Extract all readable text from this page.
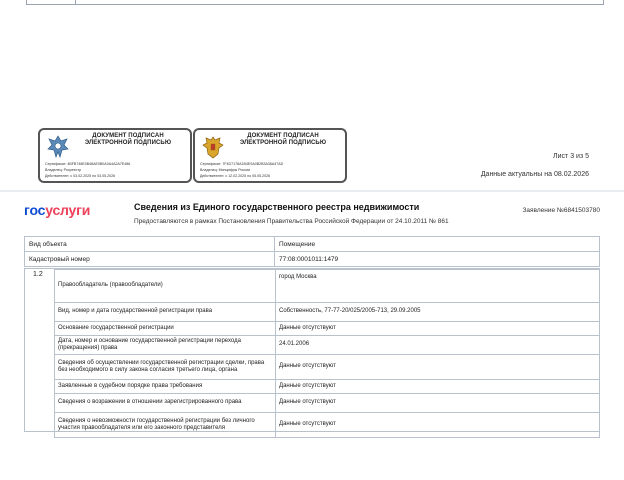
ДОКУМЕНТ ПОДПИСАН ЭЛЕКТРОННОЙ ПОДПИСЬЮ
Сертификат: 4BFB748E0B48AE0B0A0A4A2A7E486
Владелец: Росреестр
Действителен: с 03.02.2025 по 03.05.2026
ДОКУМЕНТ ПОДПИСАН ЭЛЕКТРОННОЙ ПОДПИСЬЮ
Сертификат: 7F4D7178A1B4E9A0B2B3A36A47AD
Владелец: Минцифры России
Действителен: с 12.02.2025 по 05.05.2026
Лист 3 из 5
Данные актуальны на 08.02.2026
госуслуги	Сведения из Единого государственного реестра недвижимости
Предоставляются в рамках Постановления Правительства Российской Федерации от 24.10.2011 № 861
Заявление №6841503780
Вид объекта	Помещение
Кадастровый номер	77:08:0001011:1479
1.2
Правообладатель (правообладатели)	город Москва
Вид, номер и дата государственной регистрации права	Собственность, 77-77-20/025/2005-713, 29.09.2005
Основание государственной регистрации	Данные отсутствуют
Дата, номер и основание государственной регистрации перехода (прекращения) права	24.01.2006
Сведения об осуществлении государственной регистрации сделки, права без необходимого в силу закона согласия третьего лица, органа	Данные отсутствуют
Заявленные в судебном порядке права требования	Данные отсутствуют
Сведения о возражении в отношении зарегистрированного права	Данные отсутствуют
Сведения о невозможности государственной регистрации без личного участия правообладателя или его законного представителя	Данные отсутствуют
